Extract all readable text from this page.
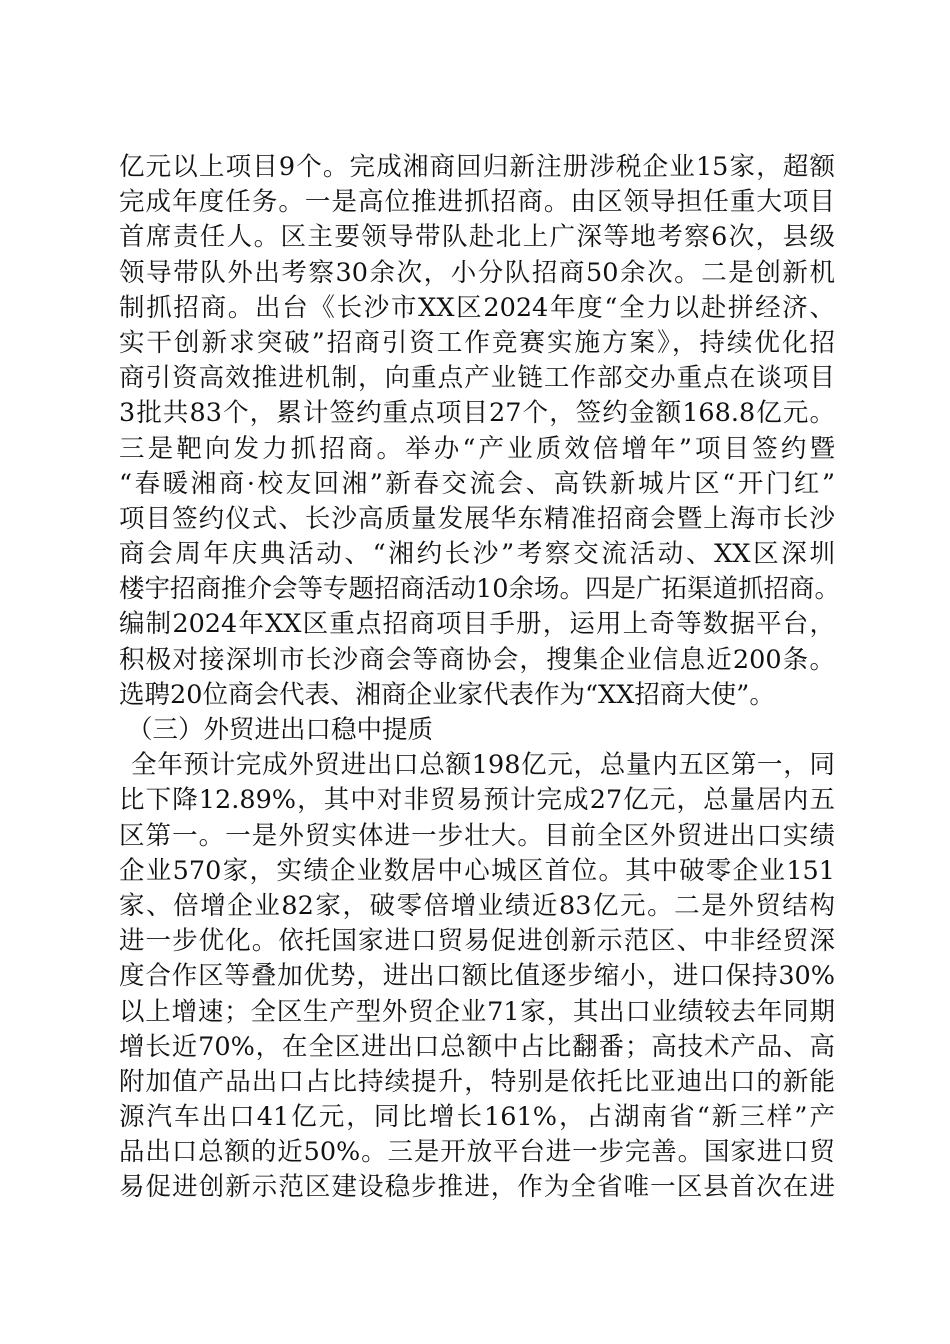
亿元以上项目9个。完成湘商回归新注册涉税企业15家，超额
完成年度任务。一是高位推进抓招商。由区领导担任重大项目
首席责任人。区主要领导带队赴北上广深等地考察6次，县级
领导带队外出考察30余次，小分队招商50余次。二是创新机
制抓招商。出台《长沙市XX区2024年度“全力以赴拼经济、
实干创新求突破”招商引资工作竞赛实施方案》，持续优化招
商引资高效推进机制，向重点产业链工作部交办重点在谈项目
3批共83个，累计签约重点项目27个，签约金额168.8亿元。
三是靶向发力抓招商。举办“产业质效倍增年”项目签约暨
“春暖湘商·校友回湘”新春交流会、高铁新城片区“开门红”
项目签约仪式、长沙高质量发展华东精准招商会暨上海市长沙
商会周年庆典活动、“湘约长沙”考察交流活动、XX区深圳
楼宇招商推介会等专题招商活动10余场。四是广拓渠道抓招商。
编制2024年XX区重点招商项目手册，运用上奇等数据平台，
积极对接深圳市长沙商会等商协会，搜集企业信息近200条。
选聘20位商会代表、湘商企业家代表作为“XX招商大使”。
（三）外贸进出口稳中提质
全年预计完成外贸进出口总额198亿元，总量内五区第一，同
比下降12.89%，其中对非贸易预计完成27亿元，总量居内五
区第一。一是外贸实体进一步壮大。目前全区外贸进出口实绩
企业570家，实绩企业数居中心城区首位。其中破零企业151
家、倍增企业82家，破零倍增业绩近83亿元。二是外贸结构
进一步优化。依托国家进口贸易促进创新示范区、中非经贸深
度合作区等叠加优势，进出口额比值逐步缩小，进口保持30%
以上增速；全区生产型外贸企业71家，其出口业绩较去年同期
增长近70%，在全区进出口总额中占比翻番；高技术产品、高
附加值产品出口占比持续提升，特别是依托比亚迪出口的新能
源汽车出口41亿元，同比增长161%，占湖南省“新三样”产
品出口总额的近50%。三是开放平台进一步完善。国家进口贸
易促进创新示范区建设稳步推进，作为全省唯一区县首次在进
